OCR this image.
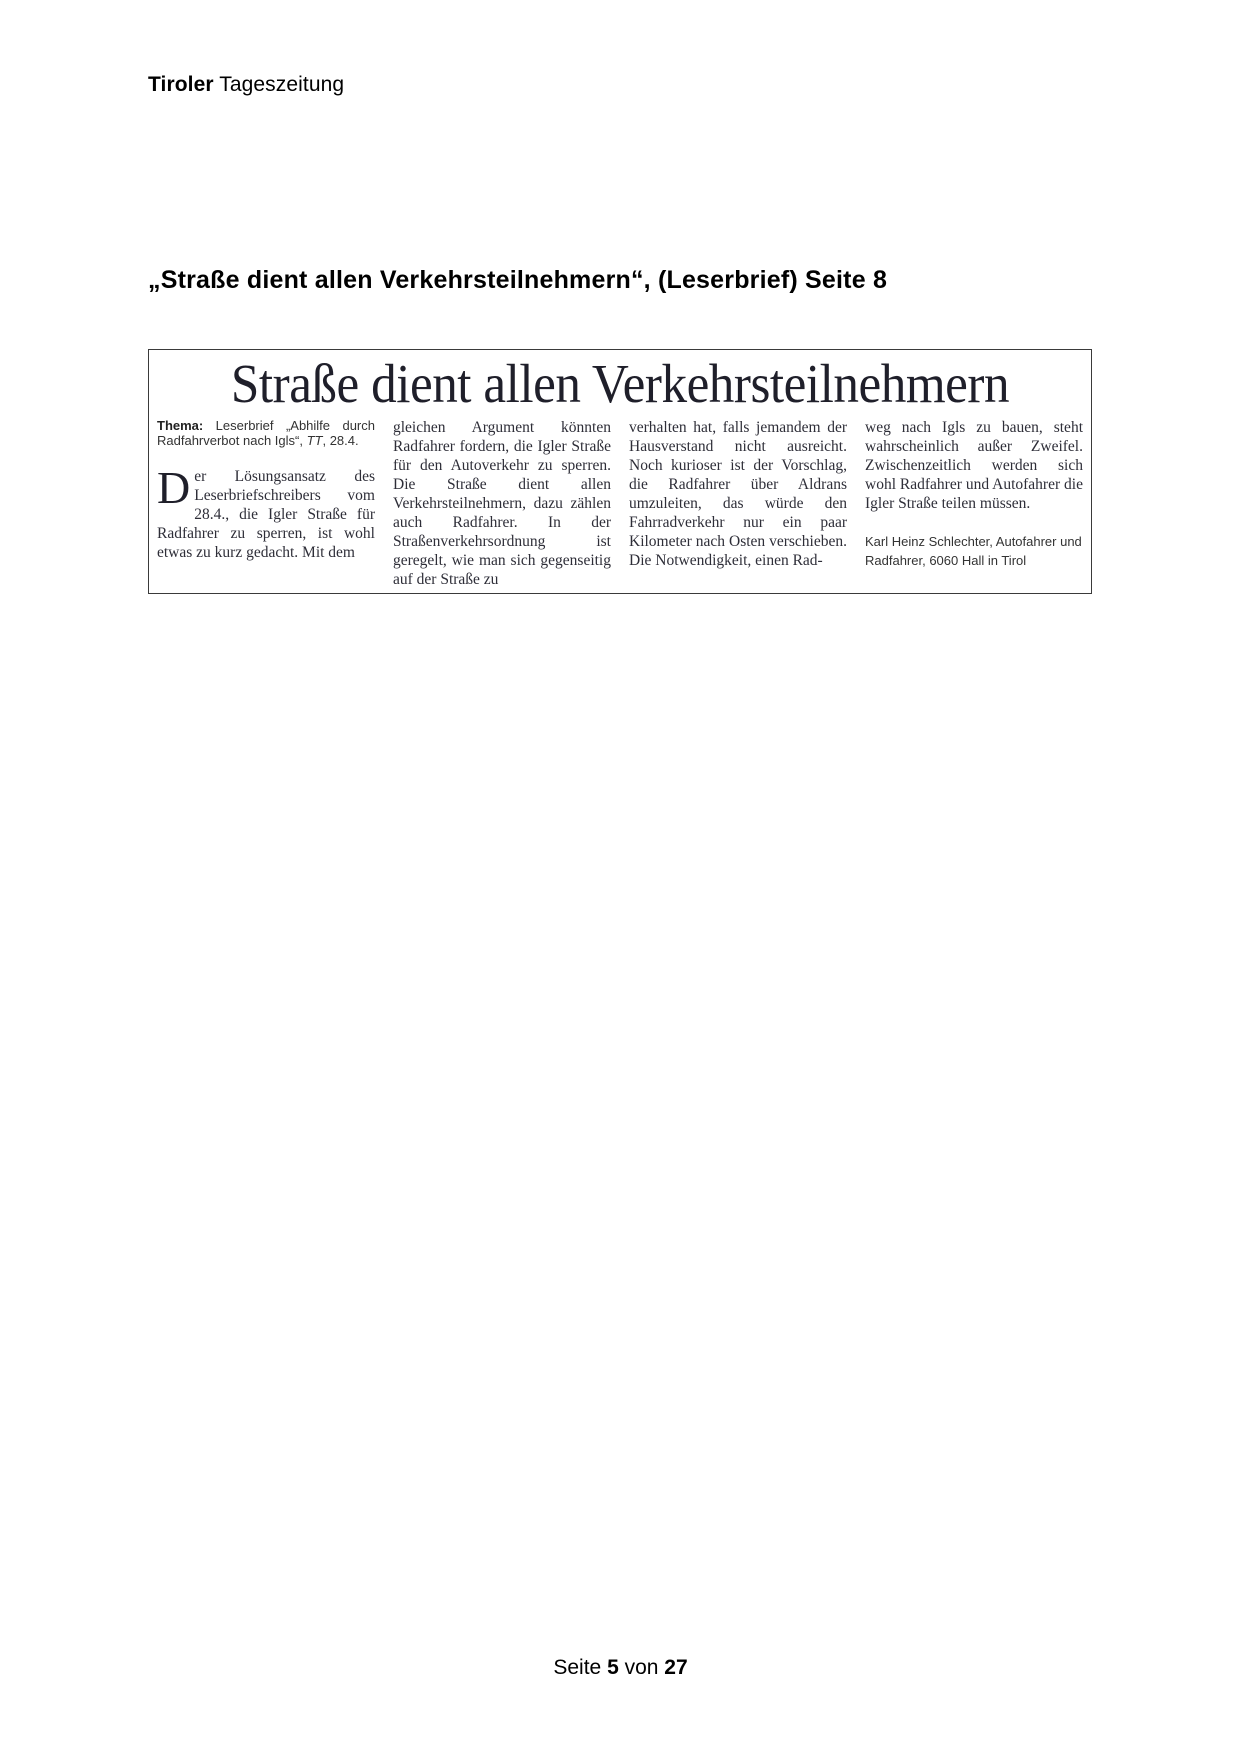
Tiroler Tageszeitung
„Straße dient allen Verkehrsteilnehmern“, (Leserbrief) Seite 8
Straße dient allen Verkehrsteilnehmern
Thema: Leserbrief „Abhilfe durch Radfahrverbot nach Igls“, TT, 28.4.
Der Lösungsansatz des Leserbriefschreibers vom 28.4., die Igler Straße für Radfahrer zu sperren, ist wohl etwas zu kurz gedacht. Mit dem
gleichen Argument könnten Radfahrer fordern, die Igler Straße für den Autoverkehr zu sperren. Die Straße dient allen Verkehrsteilnehmern, dazu zählen auch Radfahrer. In der Straßenverkehrsordnung ist geregelt, wie man sich gegenseitig auf der Straße zu
verhalten hat, falls jemandem der Hausverstand nicht ausreicht. Noch kurioser ist der Vorschlag, die Radfahrer über Aldrans umzuleiten, das würde den Fahrradverkehr nur ein paar Kilometer nach Osten verschieben. Die Notwendigkeit, einen Rad-
weg nach Igls zu bauen, steht wahrscheinlich außer Zweifel. Zwischenzeitlich werden sich wohl Radfahrer und Autofahrer die Igler Straße teilen müssen.
Karl Heinz Schlechter, Autofahrer und Radfahrer, 6060 Hall in Tirol
Seite 5 von 27
